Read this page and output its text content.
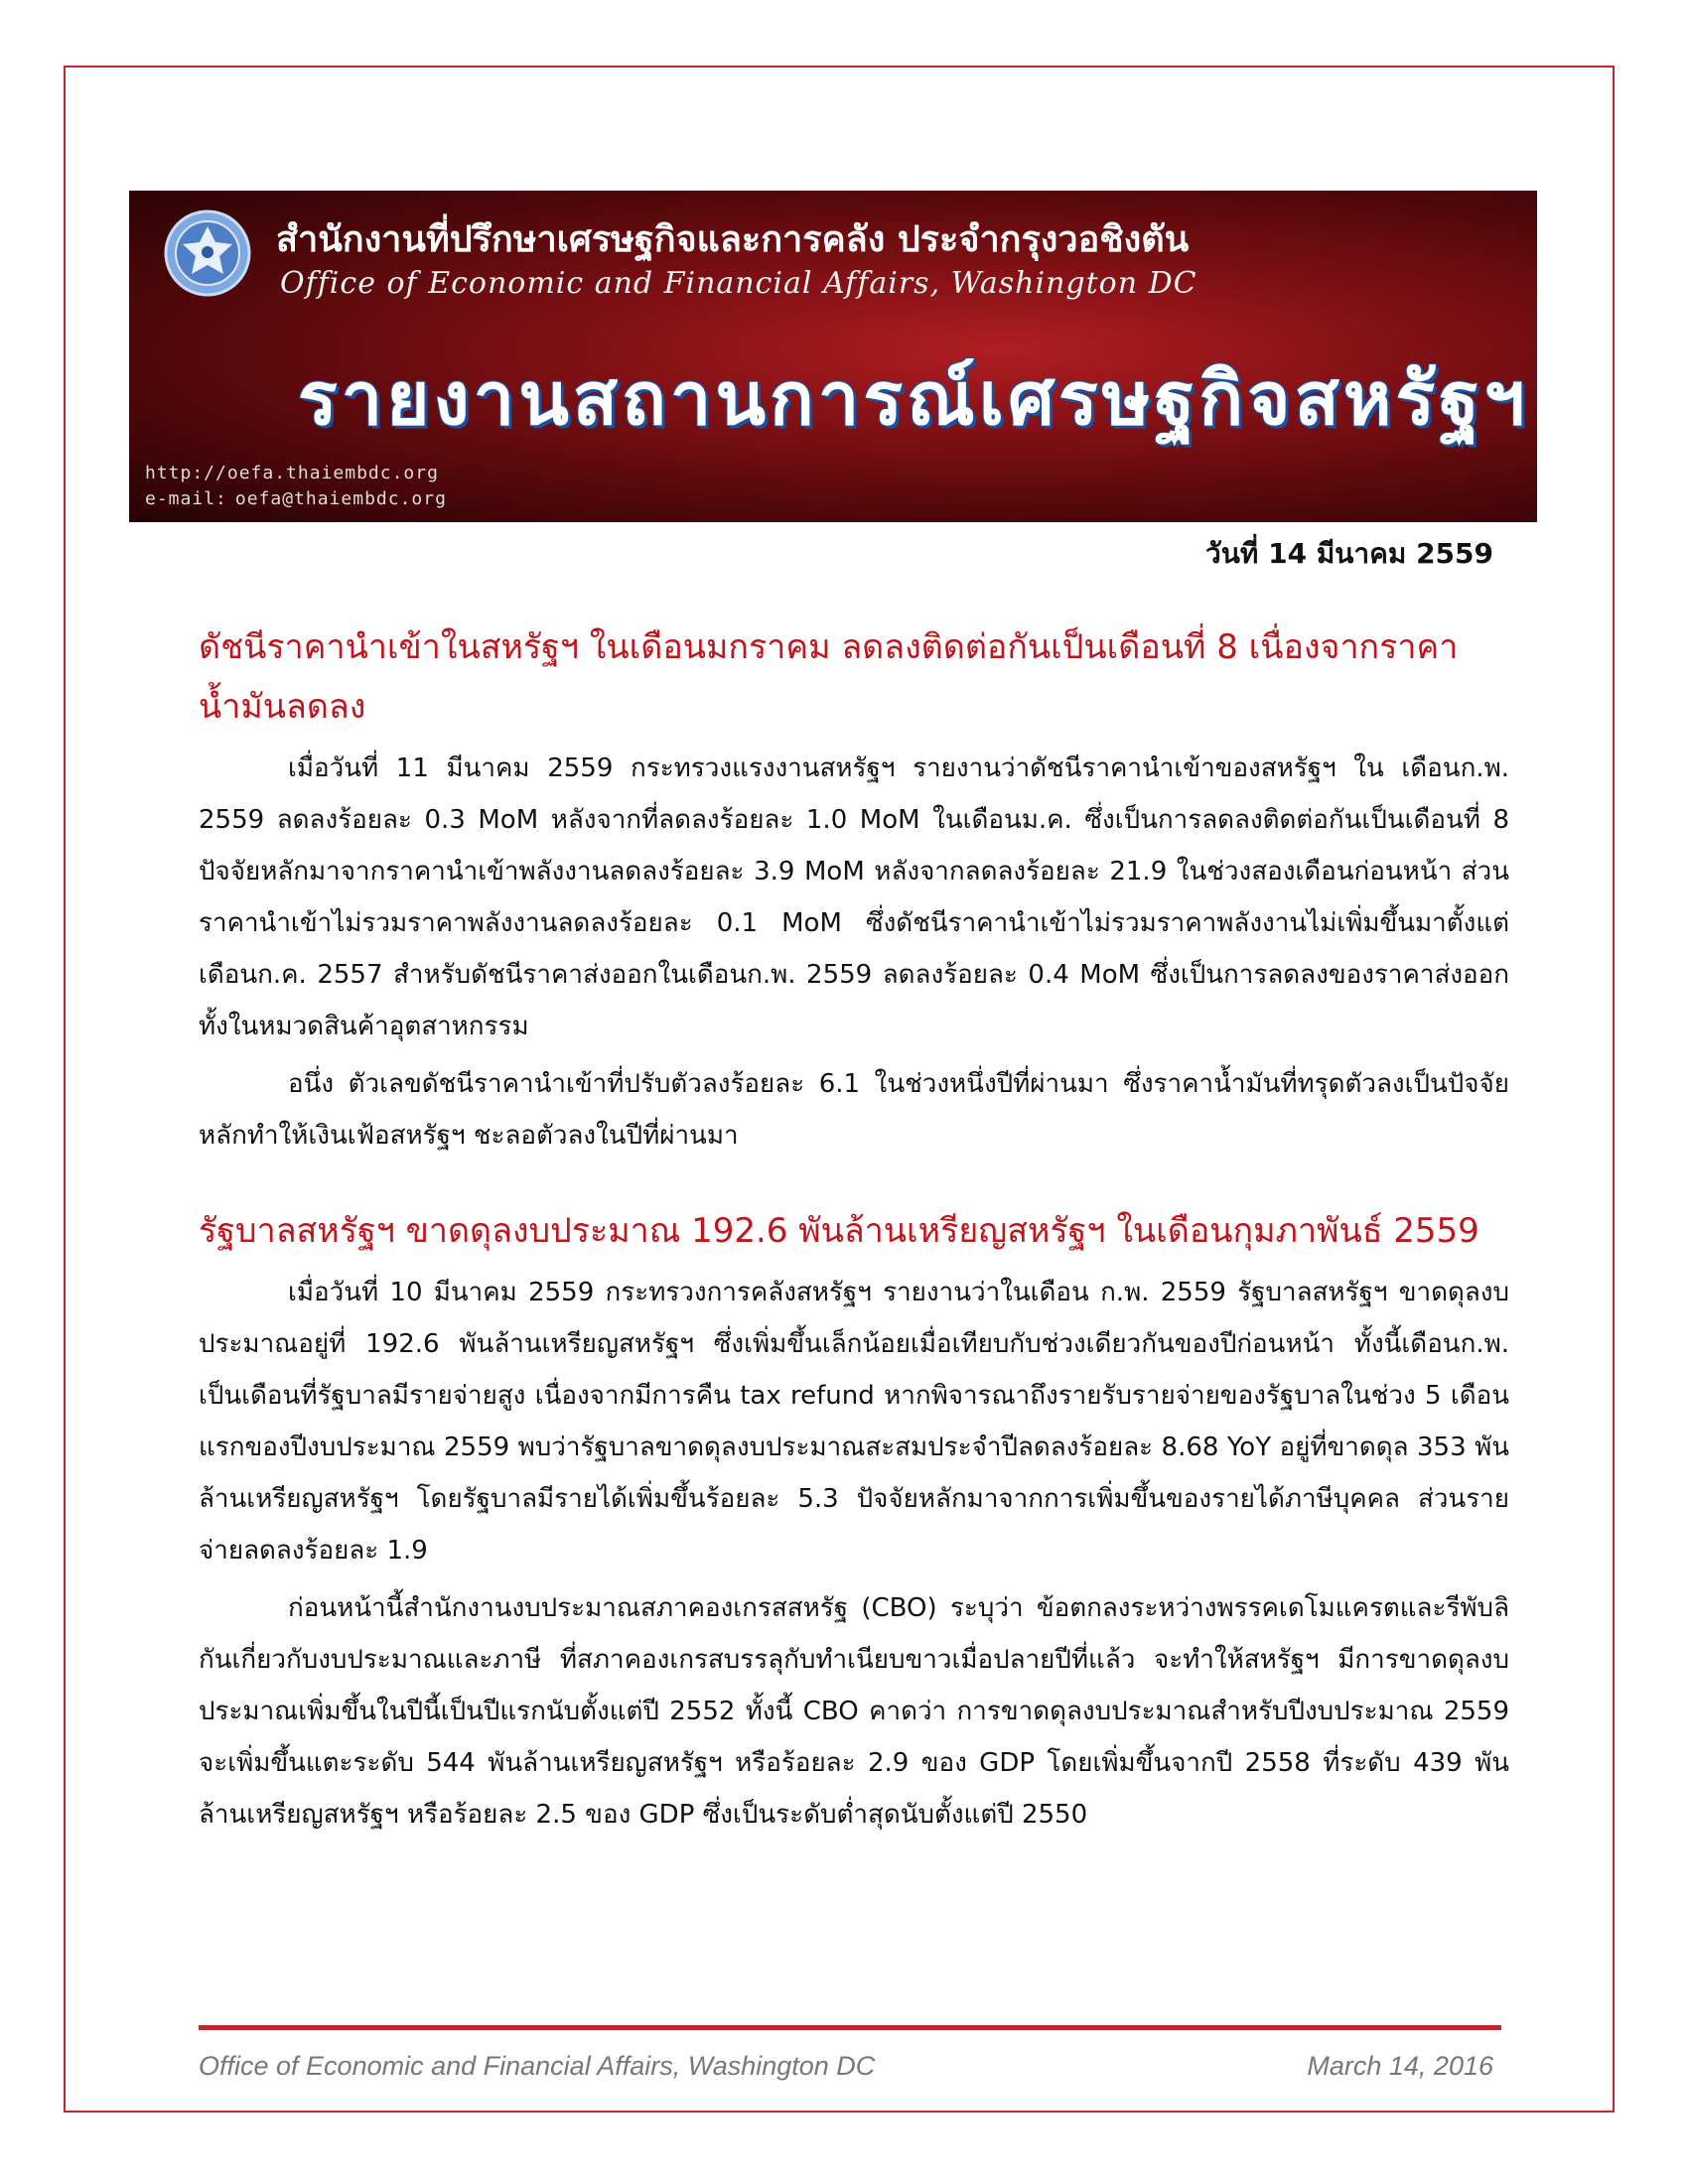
สำนักงานที่ปรึกษาเศรษฐกิจและการคลัง ประจำกรุงวอชิงตัน
Office of Economic and Financial Affairs, Washington DC
รายงานสถานการณ์เศรษฐกิจสหรัฐฯ
http://oefa.thaiembdc.org
e-mail: oefa@thaiembdc.org
วันที่ 14 มีนาคม 2559
ดัชนีราคานำเข้าในสหรัฐฯ ในเดือนมกราคม ลดลงติดต่อกันเป็นเดือนที่ 8 เนื่องจากราคาน้ำมันลดลง

เมื่อวันที่ 11 มีนาคม 2559 กระทรวงแรงงานสหรัฐฯ รายงานว่าดัชนีราคานำเข้าของสหรัฐฯ ใน เดือนก.พ. 2559 ลดลงร้อยละ 0.3 MoM หลังจากที่ลดลงร้อยละ 1.0 MoM ในเดือนม.ค. ซึ่งเป็นการลดลงติดต่อกันเป็นเดือนที่ 8 ปัจจัยหลักมาจากราคานำเข้าพลังงานลดลงร้อยละ 3.9 MoM หลังจากลดลงร้อยละ 21.9 ในช่วงสองเดือนก่อนหน้า ส่วนราคานำเข้าไม่รวมราคาพลังงานลดลงร้อยละ 0.1 MoM ซึ่งดัชนีราคานำเข้าไม่รวมราคาพลังงานไม่เพิ่มขึ้นมาตั้งแต่เดือนก.ค. 2557 สำหรับดัชนีราคาส่งออกในเดือนก.พ. 2559 ลดลงร้อยละ 0.4 MoM ซึ่งเป็นการลดลงของราคาส่งออกทั้งในหมวดสินค้าอุตสาหกรรม

อนึ่ง ตัวเลขดัชนีราคานำเข้าที่ปรับตัวลงร้อยละ 6.1 ในช่วงหนึ่งปีที่ผ่านมา ซึ่งราคาน้ำมันที่ทรุดตัวลงเป็นปัจจัยหลักทำให้เงินเฟ้อสหรัฐฯ ชะลอตัวลงในปีที่ผ่านมา

รัฐบาลสหรัฐฯ ขาดดุลงบประมาณ 192.6 พันล้านเหรียญสหรัฐฯ ในเดือนกุมภาพันธ์ 2559

เมื่อวันที่ 10 มีนาคม 2559 กระทรวงการคลังสหรัฐฯ รายงานว่าในเดือน ก.พ. 2559 รัฐบาลสหรัฐฯ ขาดดุลงบประมาณอยู่ที่ 192.6 พันล้านเหรียญสหรัฐฯ ซึ่งเพิ่มขึ้นเล็กน้อยเมื่อเทียบกับช่วงเดียวกันของปีก่อนหน้า ทั้งนี้เดือนก.พ. เป็นเดือนที่รัฐบาลมีรายจ่ายสูง เนื่องจากมีการคืน tax refund หากพิจารณาถึงรายรับรายจ่ายของรัฐบาลในช่วง 5 เดือนแรกของปีงบประมาณ 2559 พบว่ารัฐบาลขาดดุลงบประมาณสะสมประจำปีลดลงร้อยละ 8.68 YoY อยู่ที่ขาดดุล 353 พันล้านเหรียญสหรัฐฯ โดยรัฐบาลมีรายได้เพิ่มขึ้นร้อยละ 5.3 ปัจจัยหลักมาจากการเพิ่มขึ้นของรายได้ภาษีบุคคล ส่วนรายจ่ายลดลงร้อยละ 1.9

ก่อนหน้านี้สำนักงานงบประมาณสภาคองเกรสสหรัฐ (CBO) ระบุว่า ข้อตกลงระหว่างพรรคเดโมแครตและรีพับลิกันเกี่ยวกับงบประมาณและภาษี ที่สภาคองเกรสบรรลุกับทำเนียบขาวเมื่อปลายปีที่แล้ว จะทำให้สหรัฐฯ มีการขาดดุลงบประมาณเพิ่มขึ้นในปีนี้เป็นปีแรกนับตั้งแต่ปี 2552 ทั้งนี้ CBO คาดว่า การขาดดุลงบประมาณสำหรับปีงบประมาณ 2559 จะเพิ่มขึ้นแตะระดับ 544 พันล้านเหรียญสหรัฐฯ หรือร้อยละ 2.9 ของ GDP โดยเพิ่มขึ้นจากปี 2558 ที่ระดับ 439 พันล้านเหรียญสหรัฐฯ หรือร้อยละ 2.5 ของ GDP ซึ่งเป็นระดับต่ำสุดนับตั้งแต่ปี 2550

Office of Economic and Financial Affairs, Washington DC	March 14, 2016
